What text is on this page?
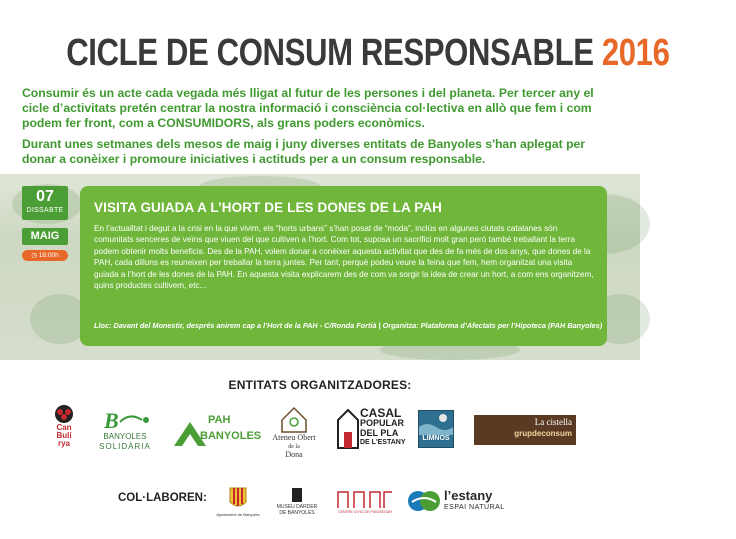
CICLE DE CONSUM RESPONSABLE 2016

Consumir és un acte cada vegada més lligat al futur de les persones i del planeta. Per tercer any el cicle d’activitats pretén centrar la nostra informació i consciència col·lectiva en allò que fem i com podem fer front, com a CONSUMIDORS, als grans poders econòmics.

Durant unes setmanes dels mesos de maig i juny diverses entitats de Banyoles s'han aplegat per donar a conèixer i promoure iniciatives i actituds per a un consum responsable.

07
DISSABTE
MAIG
◷ 18:00h
VISITA GUIADA A L’HORT DE LES DONES DE LA PAH
En l’actualitat i degut a la crisi en la que vivim, els “horts urbans” s’han posat de “moda”, inclús en algunes ciutats catalanes són comunitats senceres de veïns que viuen del que cultiven a l’hort. Com tot, suposa un sacrifici molt gran però també treballant la terra podem obtenir molts beneficis. Des de la PAH, volem donar a conèixer aquesta activitat que des de fa més de dos anys, que dones de la PAH, cada dilluns es reuneixen per treballar la terra juntes. Per tant, perquè podeu veure la feina que fem, hem organitzat una visita guiada a l’hort de les dones de la PAH. En aquesta visita explicarem des de com va sorgir la idea de crear un hort, a com ens organitzem, quins productes cultivem, etc...
Lloc: Davant del Monestir, després anirem cap a l’Hort de la PAH - C/Ronda Fortià | Organitza: Plataforma d’Afectats per l’Hipoteca (PAH Banyoles)
ENTITATS ORGANITZADORES:
Can
Bulí
rya
B
BANYOLES
SOLIDÀRIA
PAH
BANYOLES	Ateneu Obert
de la
Dona
CASAL
POPULAR
DEL PLA
DE L'ESTANY
LIMNOS
La cistella
grupdeconsum
COL·LABOREN:
Ajuntament de Banyoles
MUSEU DARDER
DE BANYOLES	CENTRE CIVIC DE PUIGSEGUR
l’estany
ESPAI NATURAL
